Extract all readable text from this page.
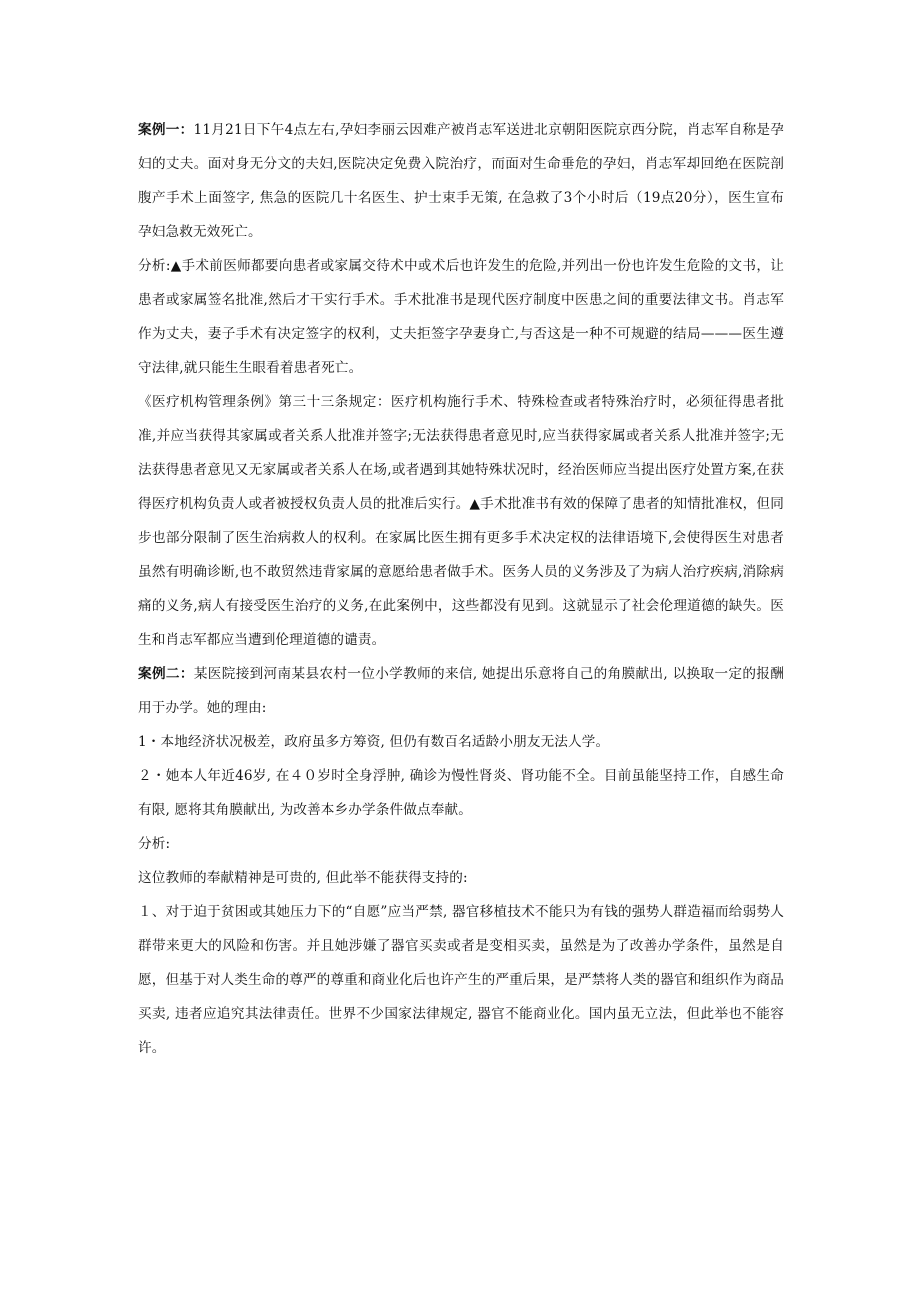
案例一：11月21日下午4点左右,孕妇李丽云因难产被肖志军送进北京朝阳医院京西分院，肖志军自称是孕妇的丈夫。面对身无分文的夫妇,医院决定免费入院治疗，而面对生命垂危的孕妇，肖志军却回绝在医院剖腹产手术上面签字, 焦急的医院几十名医生、护士束手无策, 在急救了3个小时后（19点20分），医生宣布孕妇急救无效死亡。

分析:▲手术前医师都要向患者或家属交待术中或术后也许发生的危险,并列出一份也许发生危险的文书，让患者或家属签名批准,然后才干实行手术。手术批准书是现代医疗制度中医患之间的重要法律文书。肖志军作为丈夫，妻子手术有决定签字的权利，丈夫拒签字孕妻身亡,与否这是一种不可规避的结局———医生遵守法律,就只能生生眼看着患者死亡。

《医疗机构管理条例》第三十三条规定：医疗机构施行手术、特殊检查或者特殊治疗时，必须征得患者批准,并应当获得其家属或者关系人批准并签字;无法获得患者意见时,应当获得家属或者关系人批准并签字;无法获得患者意见又无家属或者关系人在场,或者遇到其她特殊状况时，经治医师应当提出医疗处置方案,在获得医疗机构负责人或者被授权负责人员的批准后实行。▲手术批准书有效的保障了患者的知情批准权，但同步也部分限制了医生治病救人的权利。在家属比医生拥有更多手术决定权的法律语境下,会使得医生对患者虽然有明确诊断,也不敢贸然违背家属的意愿给患者做手术。医务人员的义务涉及了为病人治疗疾病,消除病痛的义务,病人有接受医生治疗的义务,在此案例中，这些都没有见到。这就显示了社会伦理道德的缺失。医生和肖志军都应当遭到伦理道德的谴责。

案例二：某医院接到河南某县农村一位小学教师的来信, 她提出乐意将自己的角膜献出, 以换取一定的报酬用于办学。她的理由:

1・本地经济状况极差，政府虽多方筹资, 但仍有数百名适龄小朋友无法人学。

２・她本人年近46岁, 在４０岁时全身浮肿, 确诊为慢性肾炎、肾功能不全。目前虽能坚持工作，自感生命有限, 愿将其角膜献出, 为改善本乡办学条件做点奉献。

分析:

这位教师的奉献精神是可贵的, 但此举不能获得支持的:

１、对于迫于贫困或其她压力下的“自愿”应当严禁, 器官移植技术不能只为有钱的强势人群造福而给弱势人群带来更大的风险和伤害。并且她涉嫌了器官买卖或者是变相买卖，虽然是为了改善办学条件，虽然是自愿，但基于对人类生命的尊严的尊重和商业化后也许产生的严重后果，是严禁将人类的器官和组织作为商品买卖, 违者应追究其法律责任。世界不少国家法律规定, 器官不能商业化。国内虽无立法，但此举也不能容许。
